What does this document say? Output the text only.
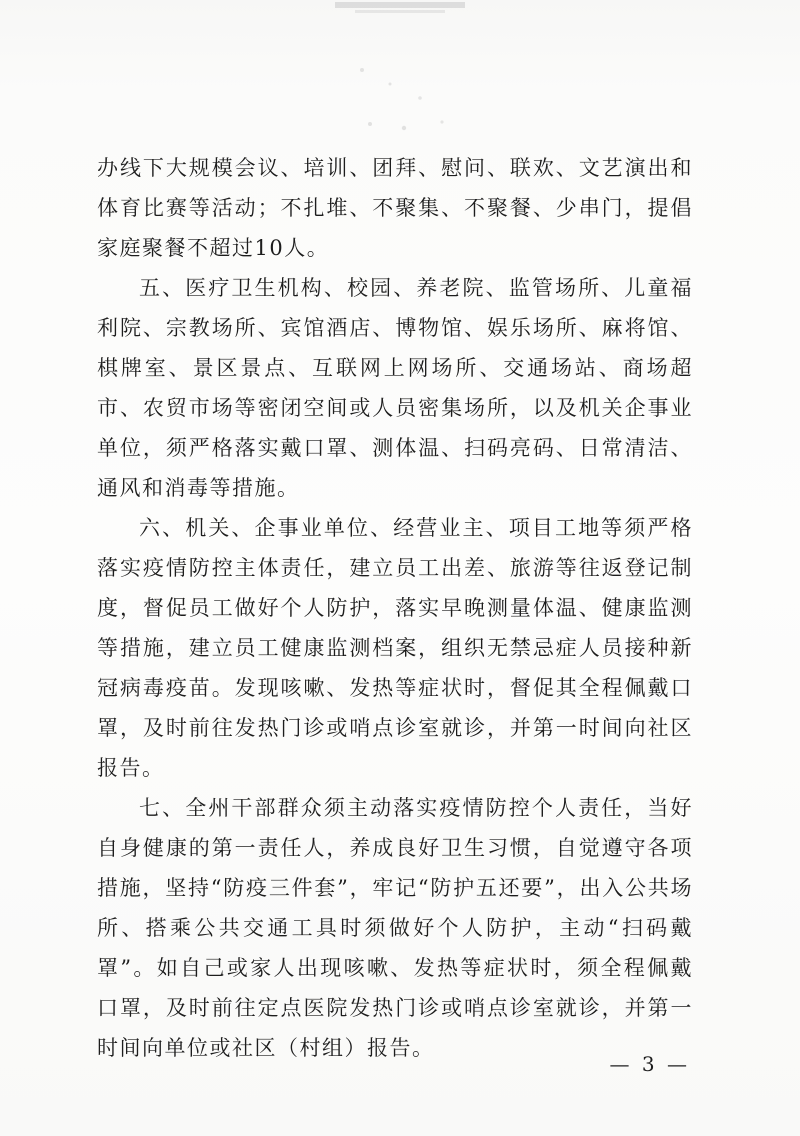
办线下大规模会议、培训、团拜、慰问、联欢、文艺演出和体育比赛等活动；不扎堆、不聚集、不聚餐、少串门，提倡家庭聚餐不超过10人。

五、医疗卫生机构、校园、养老院、监管场所、儿童福利院、宗教场所、宾馆酒店、博物馆、娱乐场所、麻将馆、棋牌室、景区景点、互联网上网场所、交通场站、商场超市、农贸市场等密闭空间或人员密集场所，以及机关企事业单位，须严格落实戴口罩、测体温、扫码亮码、日常清洁、通风和消毒等措施。

六、机关、企事业单位、经营业主、项目工地等须严格落实疫情防控主体责任，建立员工出差、旅游等往返登记制度，督促员工做好个人防护，落实早晚测量体温、健康监测等措施，建立员工健康监测档案，组织无禁忌症人员接种新冠病毒疫苗。发现咳嗽、发热等症状时，督促其全程佩戴口罩，及时前往发热门诊或哨点诊室就诊，并第一时间向社区报告。

七、全州干部群众须主动落实疫情防控个人责任，当好自身健康的第一责任人，养成良好卫生习惯，自觉遵守各项措施，坚持“防疫三件套”，牢记“防护五还要”，出入公共场所、搭乘公共交通工具时须做好个人防护，主动“扫码戴罩”。如自己或家人出现咳嗽、发热等症状时，须全程佩戴口罩，及时前往定点医院发热门诊或哨点诊室就诊，并第一时间向单位或社区（村组）报告。

— 3 —
